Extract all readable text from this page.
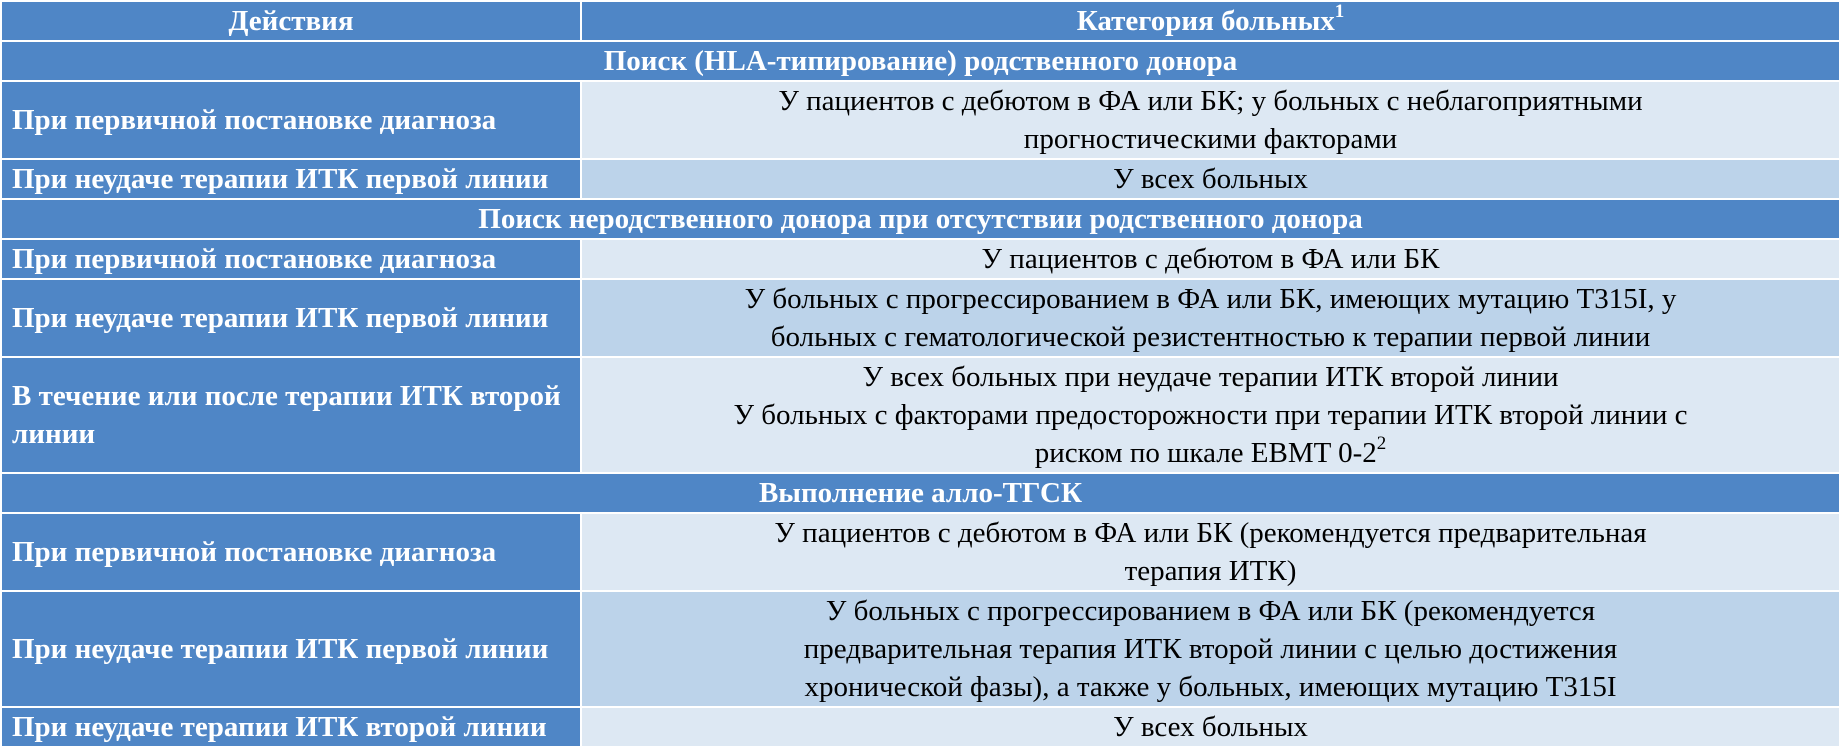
Действия	Категория больных$^1$
Поиск (HLA-типирование) родственного донора	
При первичной постановке диагноза	У пациентов с дебютом в ФА или БК; у больных с неблагоприятными
прогностическими факторами

При неудаче терапии ИТК первой линии	У всех больных

Поиск неродственного донора при отсутствии родственного донора	
При первичной постановке диагноза	У пациентов с дебютом в ФА или БК

При неудаче терапии ИТК первой линии	У больных с прогрессированием в ФА или БК, имеющих мутацию T315I, у
больных с гематологической резистентностью к терапии первой линии

В течение или после терапии ИТК второй линии	У всех больных при неудаче терапии ИТК второй линии
У больных с факторами предосторожности при терапии ИТК второй линии с
риском по шкале EBMT $0-2^2$

Выполнение алло-ТГСК	
При первичной постановке диагноза	У пациентов с дебютом в ФА или БК (рекомендуется предварительная
терапия ИТК)

При неудаче терапии ИТК первой линии	У больных с прогрессированием в ФА или БК (рекомендуется
предварительная терапия ИТК второй линии с целью достижения
хронической фазы), а также у больных, имеющих мутацию T315I

При неудаче терапии ИТК второй линии	У всех больных
